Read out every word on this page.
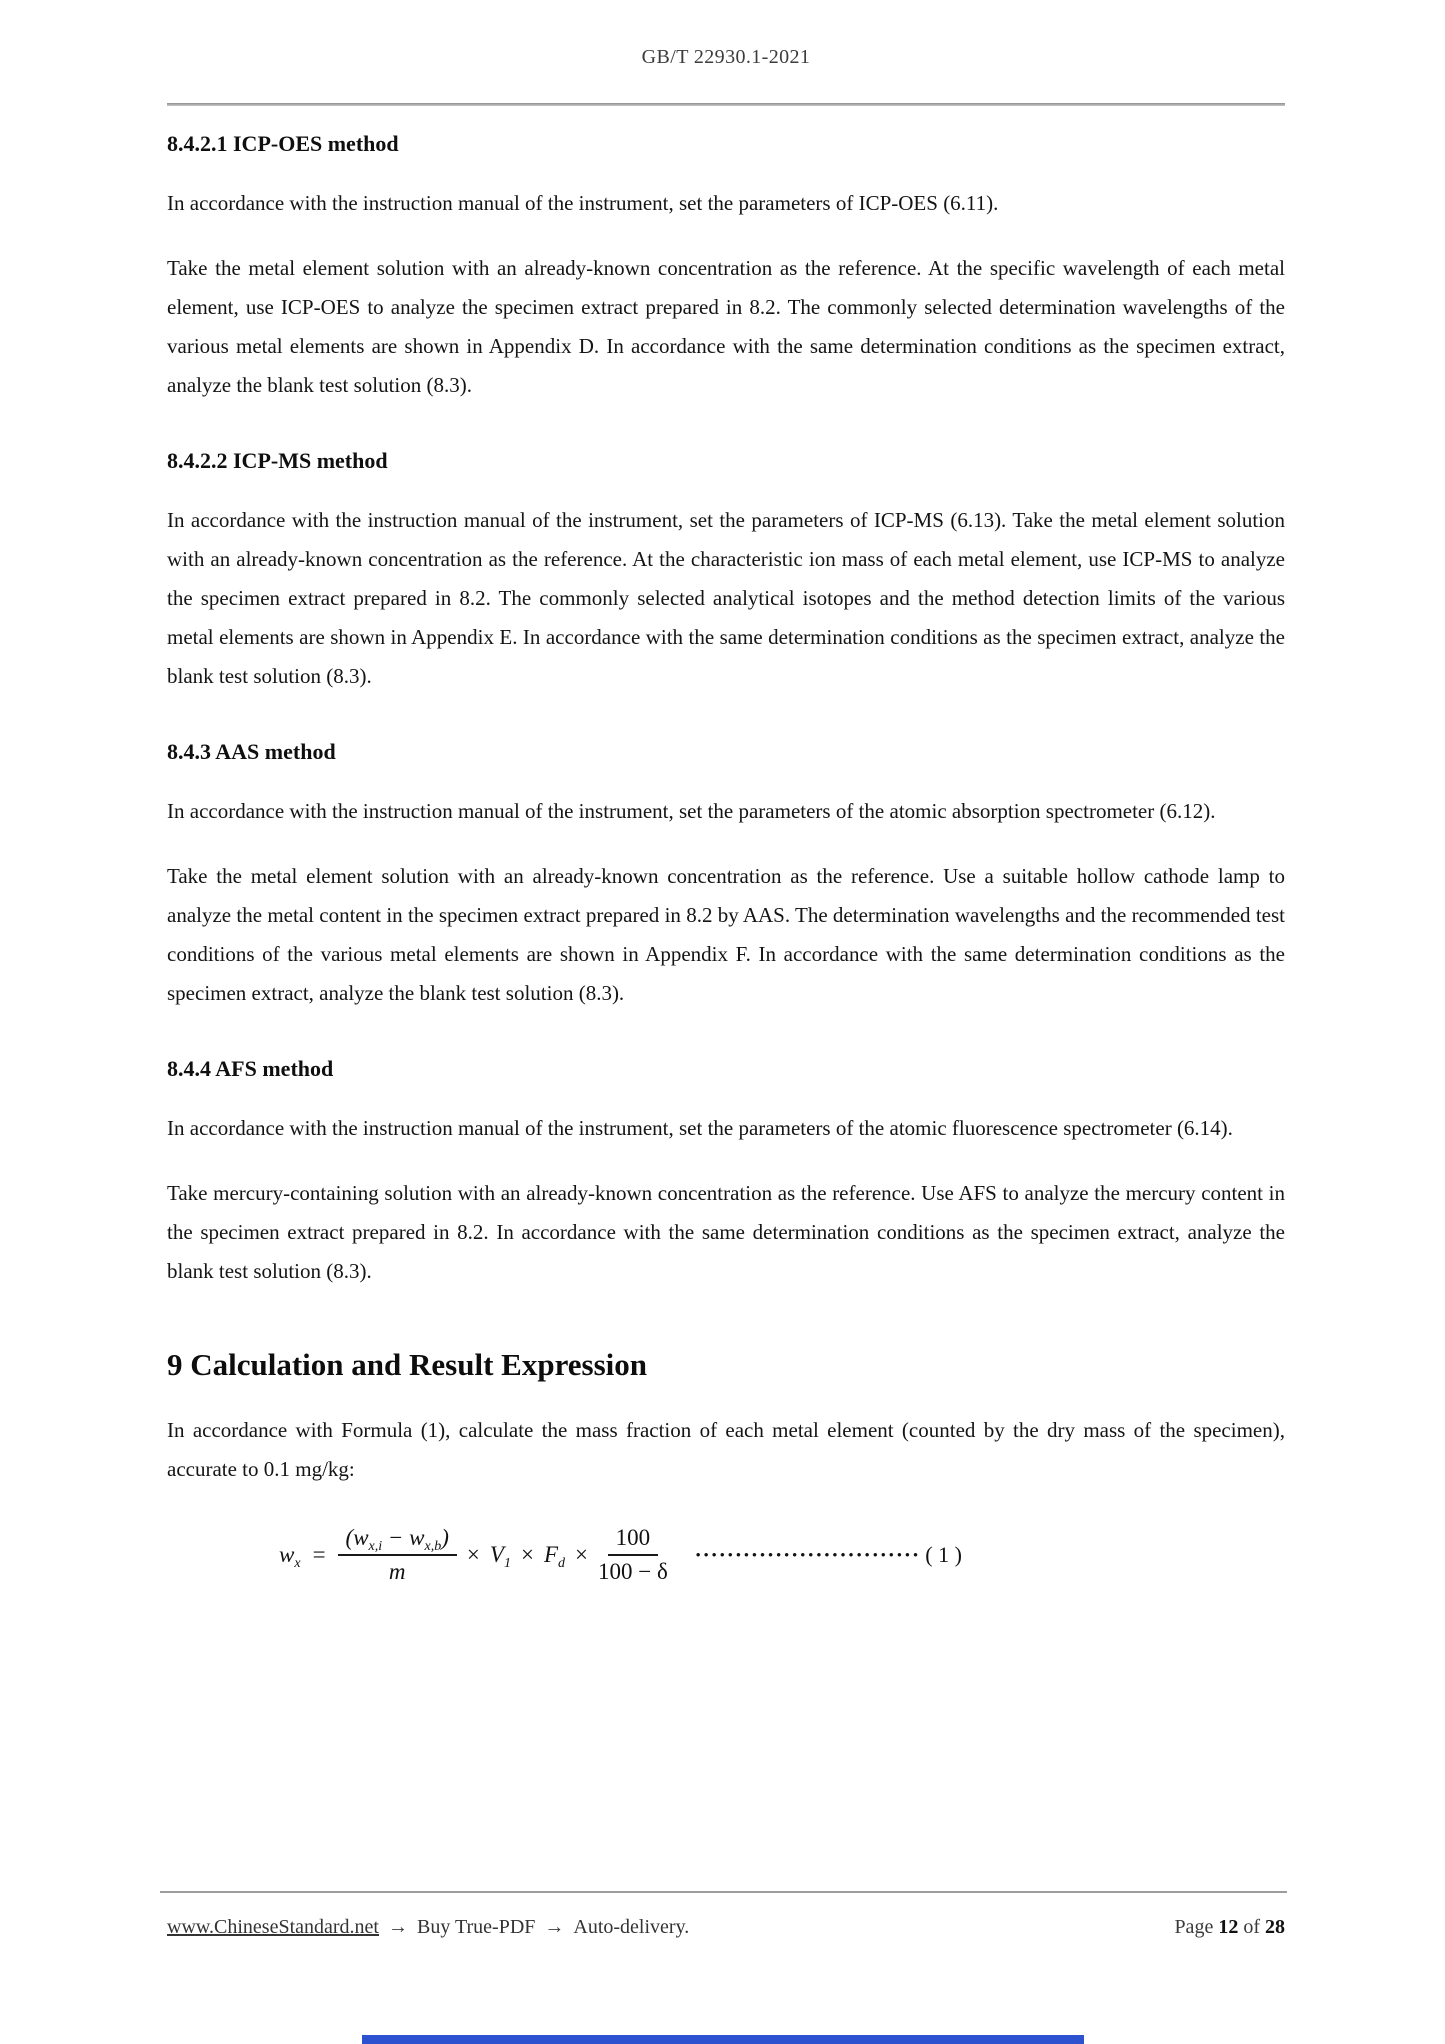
GB/T 22930.1-2021
8.4.2.1 ICP-OES method

In accordance with the instruction manual of the instrument, set the parameters of ICP-OES (6.11).

Take the metal element solution with an already-known concentration as the reference. At the specific wavelength of each metal element, use ICP-OES to analyze the specimen extract prepared in 8.2. The commonly selected determination wavelengths of the various metal elements are shown in Appendix D. In accordance with the same determination conditions as the specimen extract, analyze the blank test solution (8.3).

8.4.2.2 ICP-MS method

In accordance with the instruction manual of the instrument, set the parameters of ICP-MS (6.13). Take the metal element solution with an already-known concentration as the reference. At the characteristic ion mass of each metal element, use ICP-MS to analyze the specimen extract prepared in 8.2. The commonly selected analytical isotopes and the method detection limits of the various metal elements are shown in Appendix E. In accordance with the same determination conditions as the specimen extract, analyze the blank test solution (8.3).

8.4.3 AAS method

In accordance with the instruction manual of the instrument, set the parameters of the atomic absorption spectrometer (6.12).

Take the metal element solution with an already-known concentration as the reference. Use a suitable hollow cathode lamp to analyze the metal content in the specimen extract prepared in 8.2 by AAS. The determination wavelengths and the recommended test conditions of the various metal elements are shown in Appendix F. In accordance with the same determination conditions as the specimen extract, analyze the blank test solution (8.3).

8.4.4 AFS method

In accordance with the instruction manual of the instrument, set the parameters of the atomic fluorescence spectrometer (6.14).

Take mercury-containing solution with an already-known concentration as the reference. Use AFS to analyze the mercury content in the specimen extract prepared in 8.2. In accordance with the same determination conditions as the specimen extract, analyze the blank test solution (8.3).

9 Calculation and Result Expression

In accordance with Formula (1), calculate the mass fraction of each metal element (counted by the dry mass of the specimen), accurate to 0.1 mg/kg:

$w_x = \frac{(w_{x,i} - w_{x,b})}{m} \times V_1 \times F_d \times \frac{100}{100 - \delta}$ •••••••••••••••••••••••••••• ( 1 )
www.ChineseStandard.net → Buy True-PDF → Auto-delivery.	Page 12 of 28
